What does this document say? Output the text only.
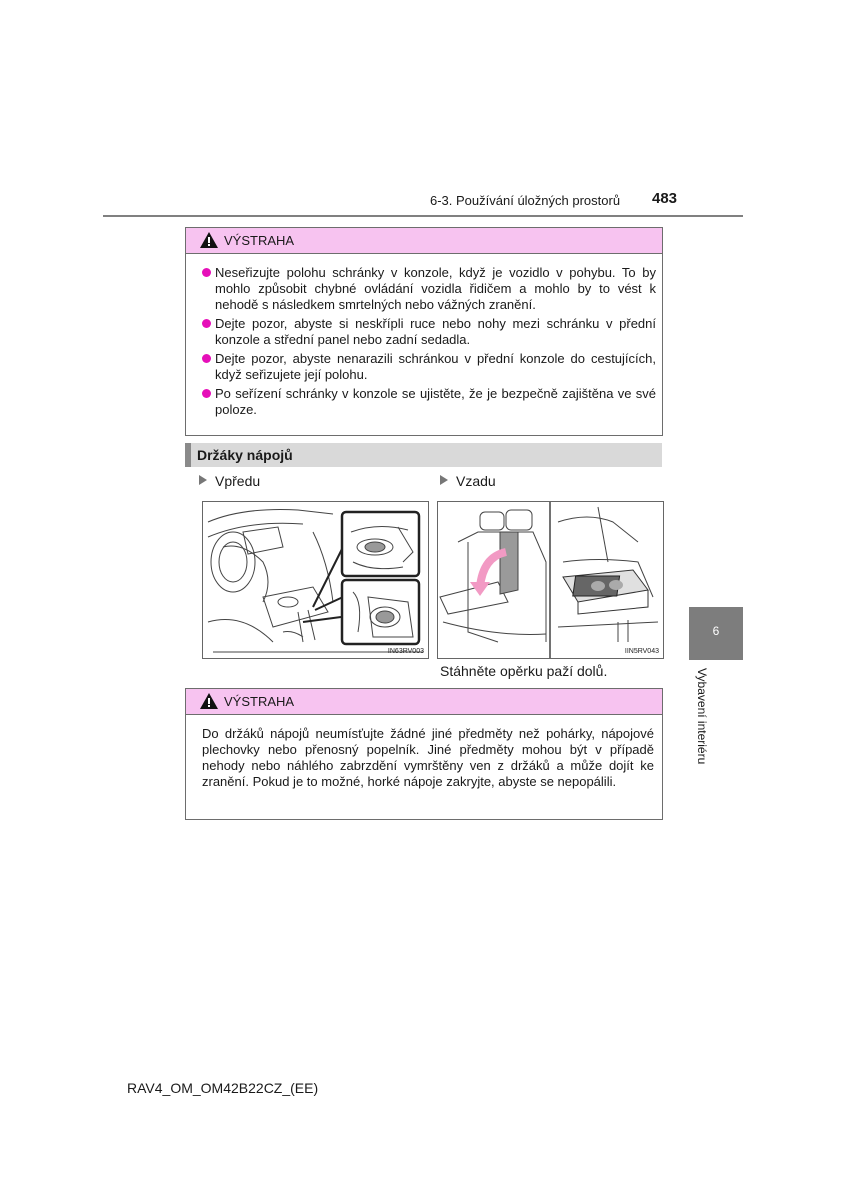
6-3. Používání úložných prostorů 483
VÝSTRAHA
Neseřizujte polohu schránky v konzole, když je vozidlo v pohybu. To by mohlo způsobit chybné ovládání vozidla řidičem a mohlo by to vést k nehodě s následkem smrtelných nebo vážných zranění.
Dejte pozor, abyste si neskřípli ruce nebo nohy mezi schránku v přední konzole a střední panel nebo zadní sedadla.
Dejte pozor, abyste nenarazili schránkou v přední konzole do cestujících, když seřizujete její polohu.
Po seřízení schránky v konzole se ujistěte, že je bezpečně zajištěna ve své poloze.
Držáky nápojů
Vpředu	Vzadu
IN63RV003	IIN5RV043
Stáhněte opěrku paží dolů.
VÝSTRAHA
Do držáků nápojů neumísťujte žádné jiné předměty než pohárky, nápojové plechovky nebo přenosný popelník. Jiné předměty mohou být v případě nehody nebo náhlého zabrzdění vymrštěny ven z držáků a může dojít ke zranění. Pokud je to možné, horké nápoje zakryjte, abyste se nepopálili.
6
Vybavení interiéru
RAV4_OM_OM42B22CZ_(EE)
